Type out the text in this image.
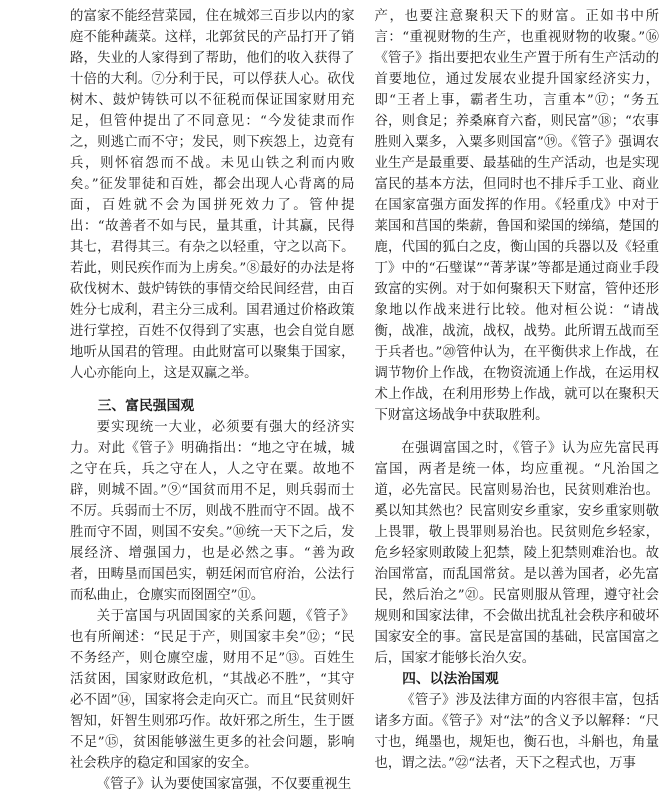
的富家不能经营菜园，住在城郊三百步以内的家庭不能种蔬菜。这样，北郭贫民的产品打开了销路，失业的人家得到了帮助，他们的收入获得了十倍的大利。⑦分利于民，可以俘获人心。砍伐树木、鼓炉铸铁可以不征税而保证国家财用充足，但管仲提出了不同意见：“今发徒隶而作之，则逃亡而不守；发民，则下疾怨上，边竟有兵，则怀宿怨而不战。未见山铁之利而内败矣。”征发罪徒和百姓，都会出现人心背离的局面，百姓就不会为国拼死效力了。管仲提出：“故善者不如与民，量其重，计其赢，民得其七，君得其三。有杂之以轻重，守之以高下。若此，则民疾作而为上虏矣。”⑧最好的办法是将砍伐树木、鼓炉铸铁的事情交给民间经营，由百姓分七成利，君主分三成利。国君通过价格政策进行掌控，百姓不仅得到了实惠，也会自觉自愿地听从国君的管理。由此财富可以聚集于国家，人心亦能向上，这是双赢之举。

三、富民强国观

要实现统一大业，必须要有强大的经济实力。对此《管子》明确指出：“地之守在城，城之守在兵，兵之守在人，人之守在粟。故地不辟，则城不固。”⑨“国贫而用不足，则兵弱而士不厉。兵弱而士不厉，则战不胜而守不固。战不胜而守不固，则国不安矣。”⑩统一天下之后，发展经济、增强国力，也是必然之事。“善为政者，田畴垦而国邑实，朝廷闲而官府治，公法行而私曲止，仓廪实而囹圄空”⑪。

关于富国与巩固国家的关系问题，《管子》也有所阐述：“民足于产，则国家丰矣”⑫；“民不务经产，则仓廪空虚，财用不足”⑬。百姓生活贫困，国家财政危机，“其战必不胜”，“其守必不固”⑭，国家将会走向灭亡。而且“民贫则奸智知，奸智生则邪巧作。故奸邪之所生，生于匮不足”⑮，贫困能够滋生更多的社会问题，影响社会秩序的稳定和国家的安全。

《管子》认为要使国家富强，不仅要重视生

产，也要注意聚积天下的财富。正如书中所言：“重视财物的生产，也重视财物的收聚。”⑯《管子》指出要把农业生产置于所有生产活动的首要地位，通过发展农业提升国家经济实力，即“王者上事，霸者生功，言重本”⑰；“务五谷，则食足；养桑麻育六畜，则民富”⑱；“农事胜则入粟多，入粟多则国富”⑲。《管子》强调农业生产是最重要、最基础的生产活动，也是实现富民的基本方法，但同时也不排斥手工业、商业在国家富强方面发挥的作用。《轻重戊》中对于莱国和莒国的柴薪，鲁国和梁国的绨缟，楚国的鹿，代国的狐白之皮，衡山国的兵器以及《轻重丁》中的“石璧谋”“菁茅谋”等都是通过商业手段致富的实例。对于如何聚积天下财富，管仲还形象地以作战来进行比较。他对桓公说：“请战衡，战准，战流，战权，战势。此所谓五战而至于兵者也。”⑳管仲认为，在平衡供求上作战，在调节物价上作战，在物资流通上作战，在运用权术上作战，在利用形势上作战，就可以在聚积天下财富这场战争中获取胜利。

在强调富国之时，《管子》认为应先富民再富国，两者是统一体，均应重视。“凡治国之道，必先富民。民富则易治也，民贫则难治也。奚以知其然也？民富则安乡重家，安乡重家则敬上畏罪，敬上畏罪则易治也。民贫则危乡轻家，危乡轻家则敢陵上犯禁，陵上犯禁则难治也。故治国常富，而乱国常贫。是以善为国者，必先富民，然后治之”㉑。民富则服从管理，遵守社会规则和国家法律，不会做出扰乱社会秩序和破坏国家安全的事。富民是富国的基础，民富国富之后，国家才能够长治久安。

四、以法治国观

《管子》涉及法律方面的内容很丰富，包括诸多方面。《管子》对“法”的含义予以解释：“尺寸也，绳墨也，规矩也，衡石也，斗斛也，角量也，谓之法。”㉒“法者，天下之程式也，万事
